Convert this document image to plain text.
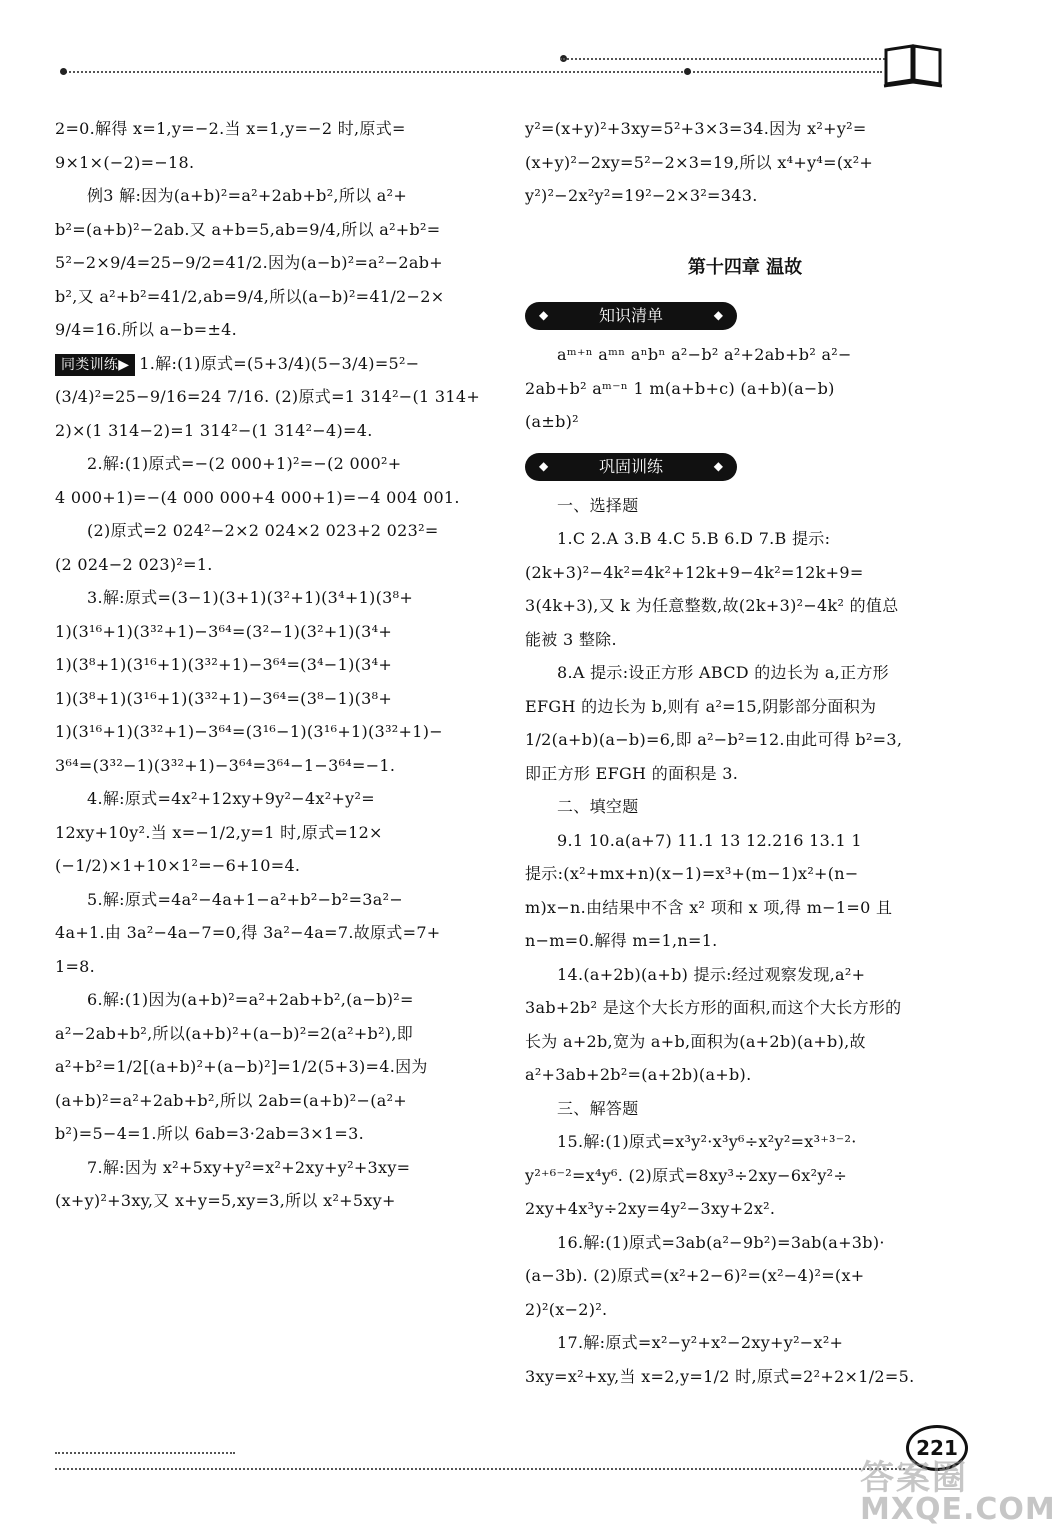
2=0.解得 x=1,y=−2.当 x=1,y=−2 时,原式=
9×1×(−2)=−18.
例3 解:因为(a+b)²=a²+2ab+b²,所以 a²+
b²=(a+b)²−2ab.又 a+b=5,ab=9/4,所以 a²+b²=
5²−2×9/4=25−9/2=41/2.因为(a−b)²=a²−2ab+
b²,又 a²+b²=41/2,ab=9/4,所以(a−b)²=41/2−2×
9/4=16.所以 a−b=±4.
同类训练▶ 1.解:(1)原式=(5+3/4)(5−3/4)=5²−
(3/4)²=25−9/16=24 7/16. (2)原式=1 314²−(1 314+
2)×(1 314−2)=1 314²−(1 314²−4)=4.
2.解:(1)原式=−(2 000+1)²=−(2 000²+
4 000+1)=−(4 000 000+4 000+1)=−4 004 001.
(2)原式=2 024²−2×2 024×2 023+2 023²=
(2 024−2 023)²=1.
3.解:原式=(3−1)(3+1)(3²+1)(3⁴+1)(3⁸+
1)(3¹⁶+1)(3³²+1)−3⁶⁴=(3²−1)(3²+1)(3⁴+
1)(3⁸+1)(3¹⁶+1)(3³²+1)−3⁶⁴=(3⁴−1)(3⁴+
1)(3⁸+1)(3¹⁶+1)(3³²+1)−3⁶⁴=(3⁸−1)(3⁸+
1)(3¹⁶+1)(3³²+1)−3⁶⁴=(3¹⁶−1)(3¹⁶+1)(3³²+1)−
3⁶⁴=(3³²−1)(3³²+1)−3⁶⁴=3⁶⁴−1−3⁶⁴=−1.
4.解:原式=4x²+12xy+9y²−4x²+y²=
12xy+10y².当 x=−1/2,y=1 时,原式=12×
(−1/2)×1+10×1²=−6+10=4.
5.解:原式=4a²−4a+1−a²+b²−b²=3a²−
4a+1.由 3a²−4a−7=0,得 3a²−4a=7.故原式=7+
1=8.
6.解:(1)因为(a+b)²=a²+2ab+b²,(a−b)²=
a²−2ab+b²,所以(a+b)²+(a−b)²=2(a²+b²),即
a²+b²=1/2[(a+b)²+(a−b)²]=1/2(5+3)=4.因为
(a+b)²=a²+2ab+b²,所以 2ab=(a+b)²−(a²+
b²)=5−4=1.所以 6ab=3·2ab=3×1=3.
7.解:因为 x²+5xy+y²=x²+2xy+y²+3xy=
(x+y)²+3xy,又 x+y=5,xy=3,所以 x²+5xy+
y²=(x+y)²+3xy=5²+3×3=34.因为 x²+y²=
(x+y)²−2xy=5²−2×3=19,所以 x⁴+y⁴=(x²+
y²)²−2x²y²=19²−2×3²=343.
第十四章 温故
◆	知识清单	◆
aᵐ⁺ⁿ aᵐⁿ aⁿbⁿ a²−b² a²+2ab+b² a²−
2ab+b² aᵐ⁻ⁿ 1 m(a+b+c) (a+b)(a−b)
(a±b)²
◆	巩固训练	◆
一、选择题
1.C 2.A 3.B 4.C 5.B 6.D 7.B 提示:
(2k+3)²−4k²=4k²+12k+9−4k²=12k+9=
3(4k+3),又 k 为任意整数,故(2k+3)²−4k² 的值总
能被 3 整除.
8.A 提示:设正方形 ABCD 的边长为 a,正方形
EFGH 的边长为 b,则有 a²=15,阴影部分面积为
1/2(a+b)(a−b)=6,即 a²−b²=12.由此可得 b²=3,
即正方形 EFGH 的面积是 3.
二、填空题
9.1 10.a(a+7) 11.1 13 12.216 13.1 1
提示:(x²+mx+n)(x−1)=x³+(m−1)x²+(n−
m)x−n.由结果中不含 x² 项和 x 项,得 m−1=0 且
n−m=0.解得 m=1,n=1.
14.(a+2b)(a+b) 提示:经过观察发现,a²+
3ab+2b² 是这个大长方形的面积,而这个大长方形的
长为 a+2b,宽为 a+b,面积为(a+2b)(a+b),故
a²+3ab+2b²=(a+2b)(a+b).
三、解答题
15.解:(1)原式=x³y²·x³y⁶÷x²y²=x³⁺³⁻²·
y²⁺⁶⁻²=x⁴y⁶. (2)原式=8xy³÷2xy−6x²y²÷
2xy+4x³y÷2xy=4y²−3xy+2x².
16.解:(1)原式=3ab(a²−9b²)=3ab(a+3b)·
(a−3b). (2)原式=(x²+2−6)²=(x²−4)²=(x+
2)²(x−2)².
17.解:原式=x²−y²+x²−2xy+y²−x²+
3xy=x²+xy,当 x=2,y=1/2 时,原式=2²+2×1/2=5.
221
答案圈
MXQE.COM
